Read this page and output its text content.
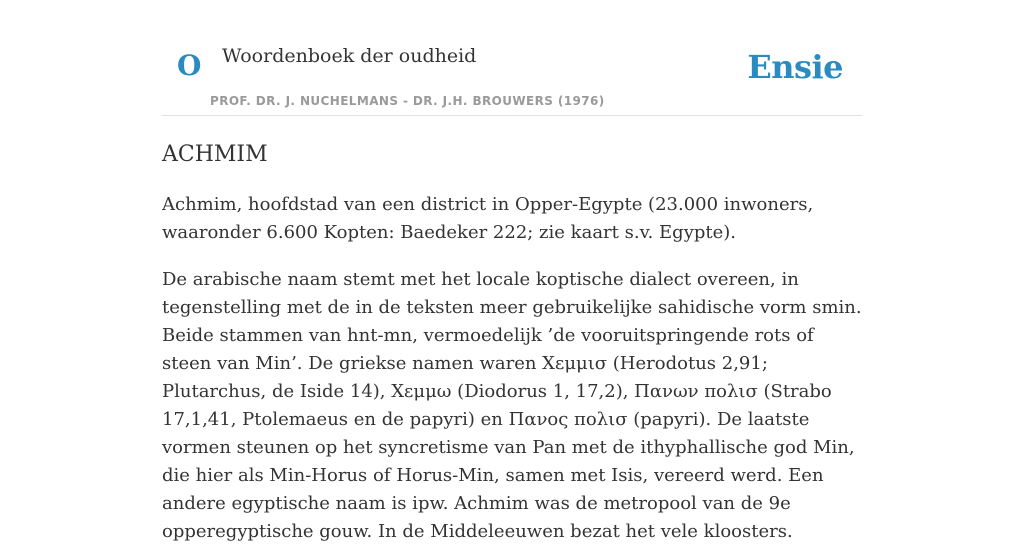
O Woordenboek der oudheid
PROF. DR. J. NUCHELMANS - DR. J.H. BROUWERS (1976)
Ensie
ACHMIM

Achmim, hoofdstad van een district in Opper-Egypte (23.000 inwoners, waaronder 6.600 Kopten: Baedeker 222; zie kaart s.v. Egypte).

De arabische naam stemt met het locale koptische dialect overeen, in tegenstelling met de in de teksten meer gebruikelijke sahidische vorm smin. Beide stammen van hnt-mn, vermoedelijk ’de vooruitspringende rots of steen van Min’. De griekse namen waren Χεμμισ (Herodotus 2,91; Plutarchus, de Iside 14), Χεμμω (Diodorus 1, 17,2), Πανων πολισ (Strabo 17,1,41, Ptolemaeus en de papyri) en Πανος πολισ (papyri). De laatste vormen steunen op het syncretisme van Pan met de ithyphallische god Min, die hier als Min-Horus of Horus-Min, samen met Isis, vereerd werd. Een andere egyptische naam is ipw. Achmim was de metropool van de 9e opperegyptische gouw. In de Middeleeuwen bezat het vele kloosters.
